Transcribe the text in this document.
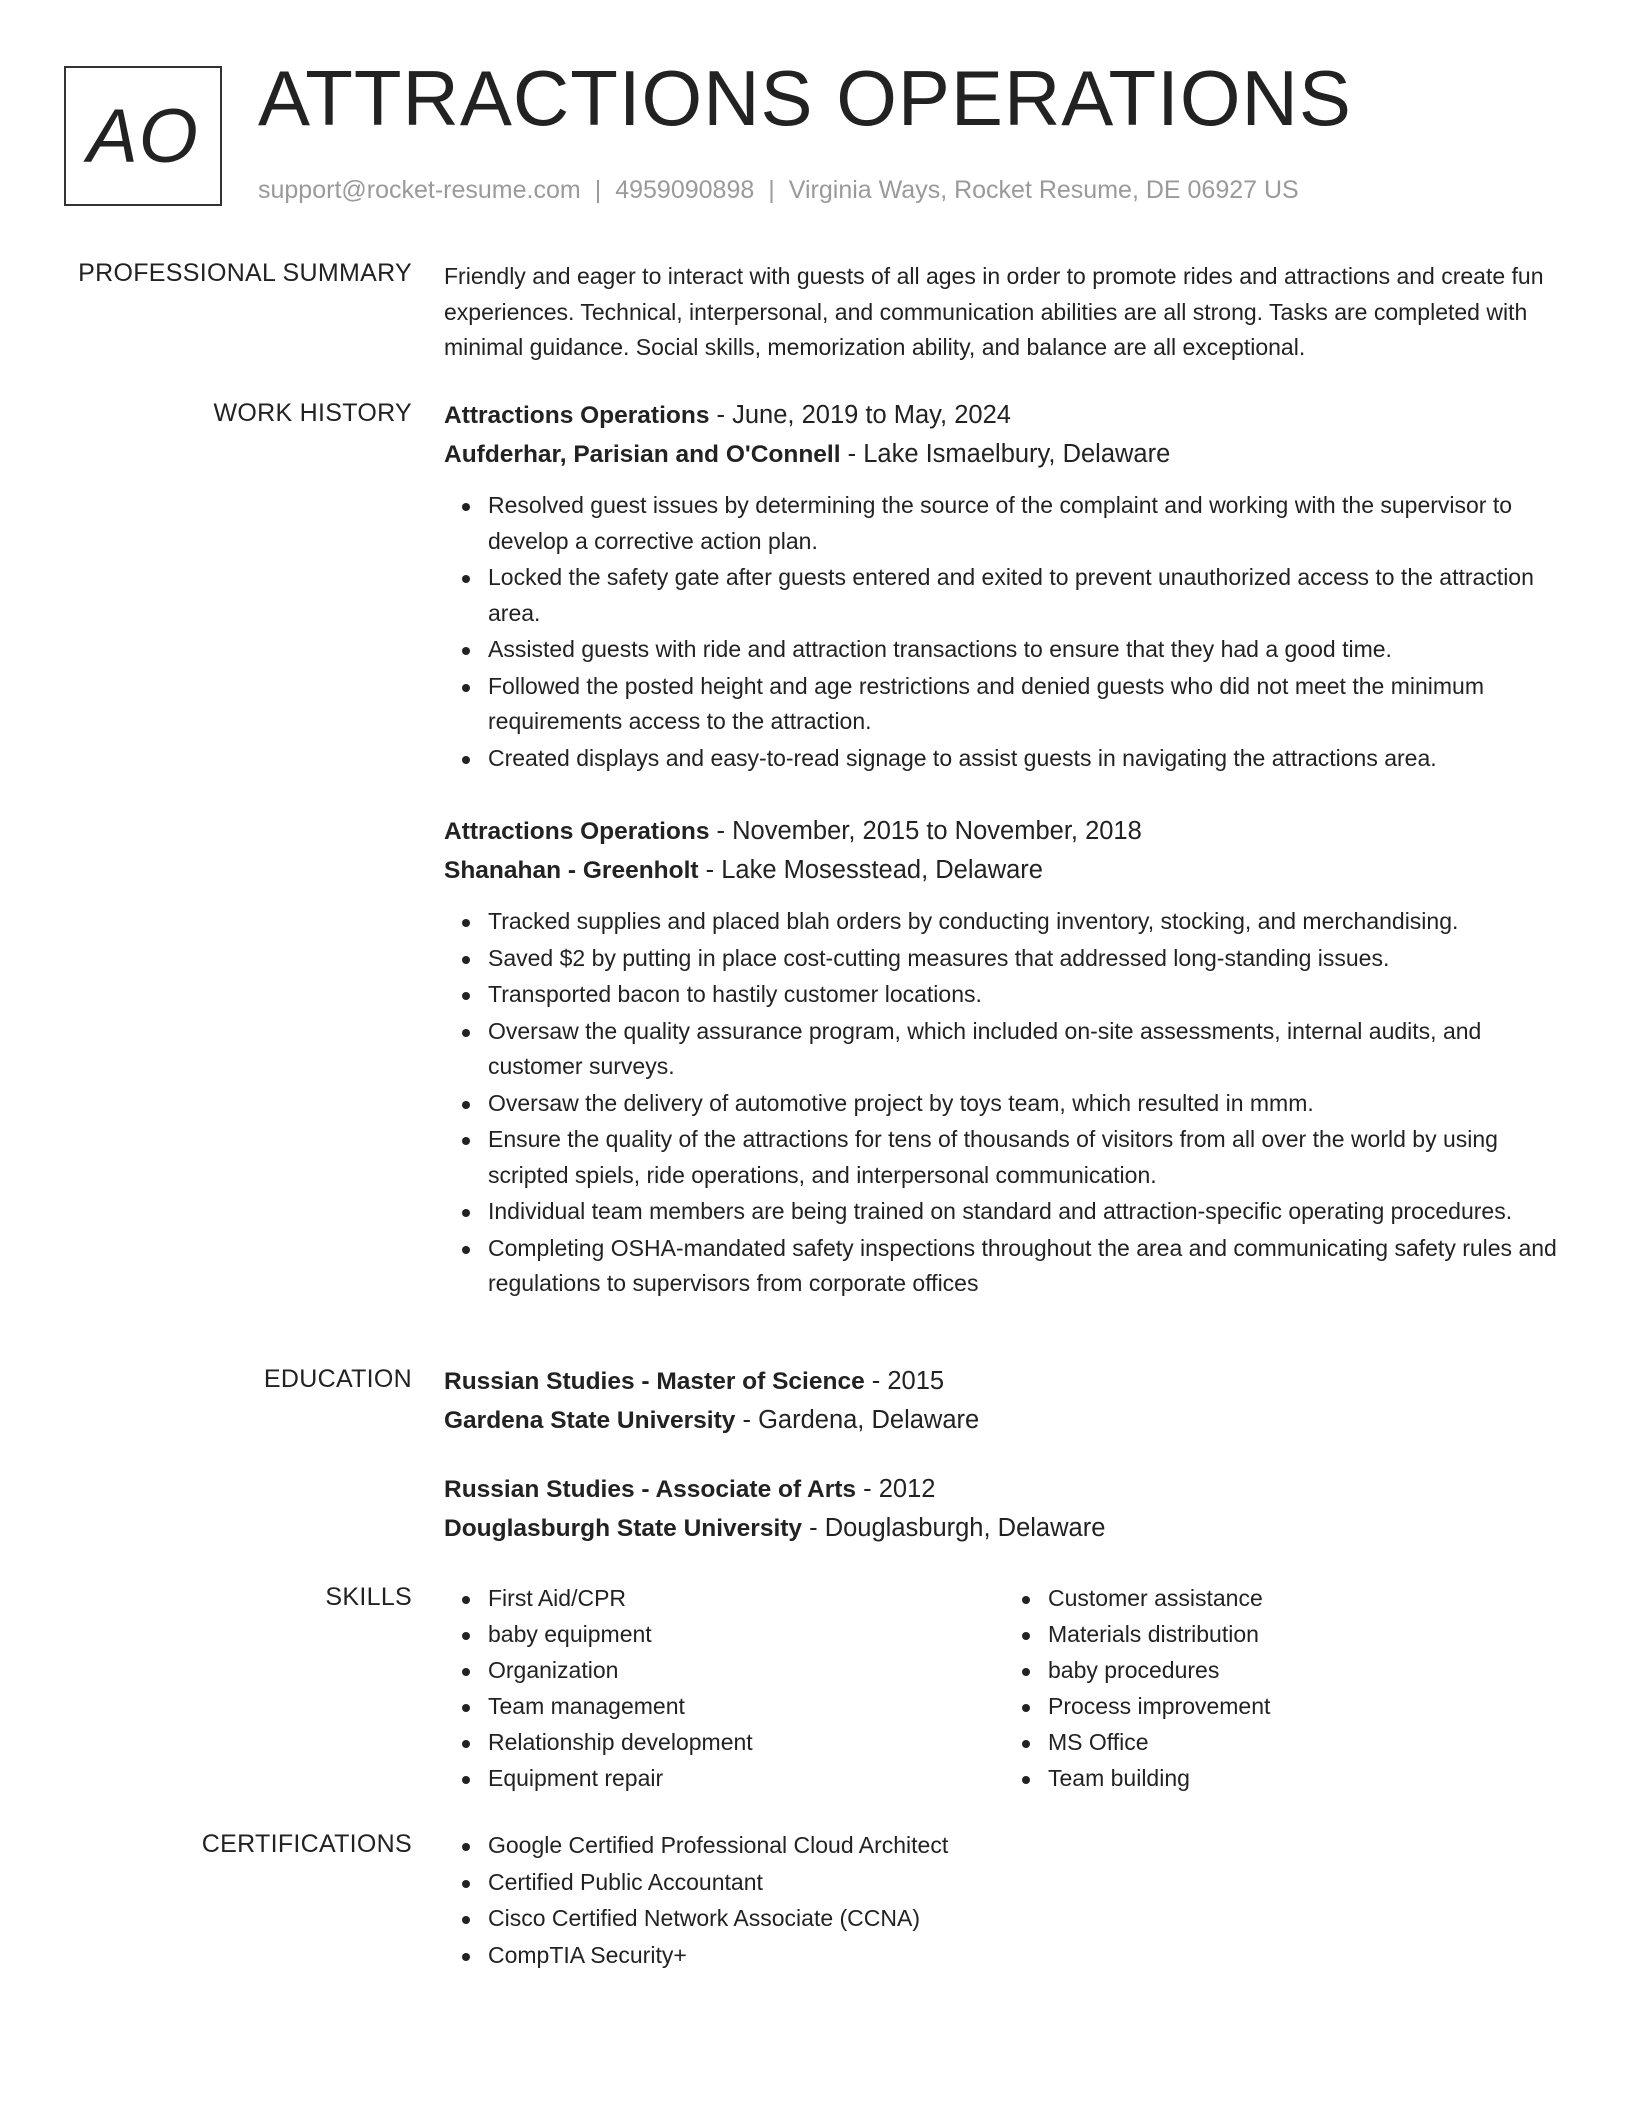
AO ATTRACTIONS OPERATIONS
support@rocket-resume.com | 4959090898 | Virginia Ways, Rocket Resume, DE 06927 US
PROFESSIONAL SUMMARY Friendly and eager to interact with guests of all ages in order to promote rides and attractions and create fun experiences. Technical, interpersonal, and communication abilities are all strong. Tasks are completed with minimal guidance. Social skills, memorization ability, and balance are all exceptional.

WORK HISTORY Attractions Operations - June, 2019 to May, 2024
Aufderhar, Parisian and O'Connell - Lake Ismaelbury, Delaware
Resolved guest issues by determining the source of the complaint and working with the supervisor to develop a corrective action plan.
Locked the safety gate after guests entered and exited to prevent unauthorized access to the attraction area.
Assisted guests with ride and attraction transactions to ensure that they had a good time.
Followed the posted height and age restrictions and denied guests who did not meet the minimum requirements access to the attraction.
Created displays and easy-to-read signage to assist guests in navigating the attractions area.
Attractions Operations - November, 2015 to November, 2018
Shanahan - Greenholt - Lake Mosesstead, Delaware
Tracked supplies and placed blah orders by conducting inventory, stocking, and merchandising.
Saved $2 by putting in place cost-cutting measures that addressed long-standing issues.
Transported bacon to hastily customer locations.
Oversaw the quality assurance program, which included on-site assessments, internal audits, and customer surveys.
Oversaw the delivery of automotive project by toys team, which resulted in mmm.
Ensure the quality of the attractions for tens of thousands of visitors from all over the world by using scripted spiels, ride operations, and interpersonal communication.
Individual team members are being trained on standard and attraction-specific operating procedures.
Completing OSHA-mandated safety inspections throughout the area and communicating safety rules and regulations to supervisors from corporate offices
EDUCATION Russian Studies - Master of Science - 2015
Gardena State University - Gardena, Delaware
Russian Studies - Associate of Arts - 2012
Douglasburgh State University - Douglasburgh, Delaware
SKILLS	First Aid/CPR
baby equipment
Organization
Team management
Relationship development
Equipment repair
Customer assistance
Materials distribution
baby procedures
Process improvement
MS Office
Team building
CERTIFICATIONS	Google Certified Professional Cloud Architect
Certified Public Accountant
Cisco Certified Network Associate (CCNA)
CompTIA Security+
